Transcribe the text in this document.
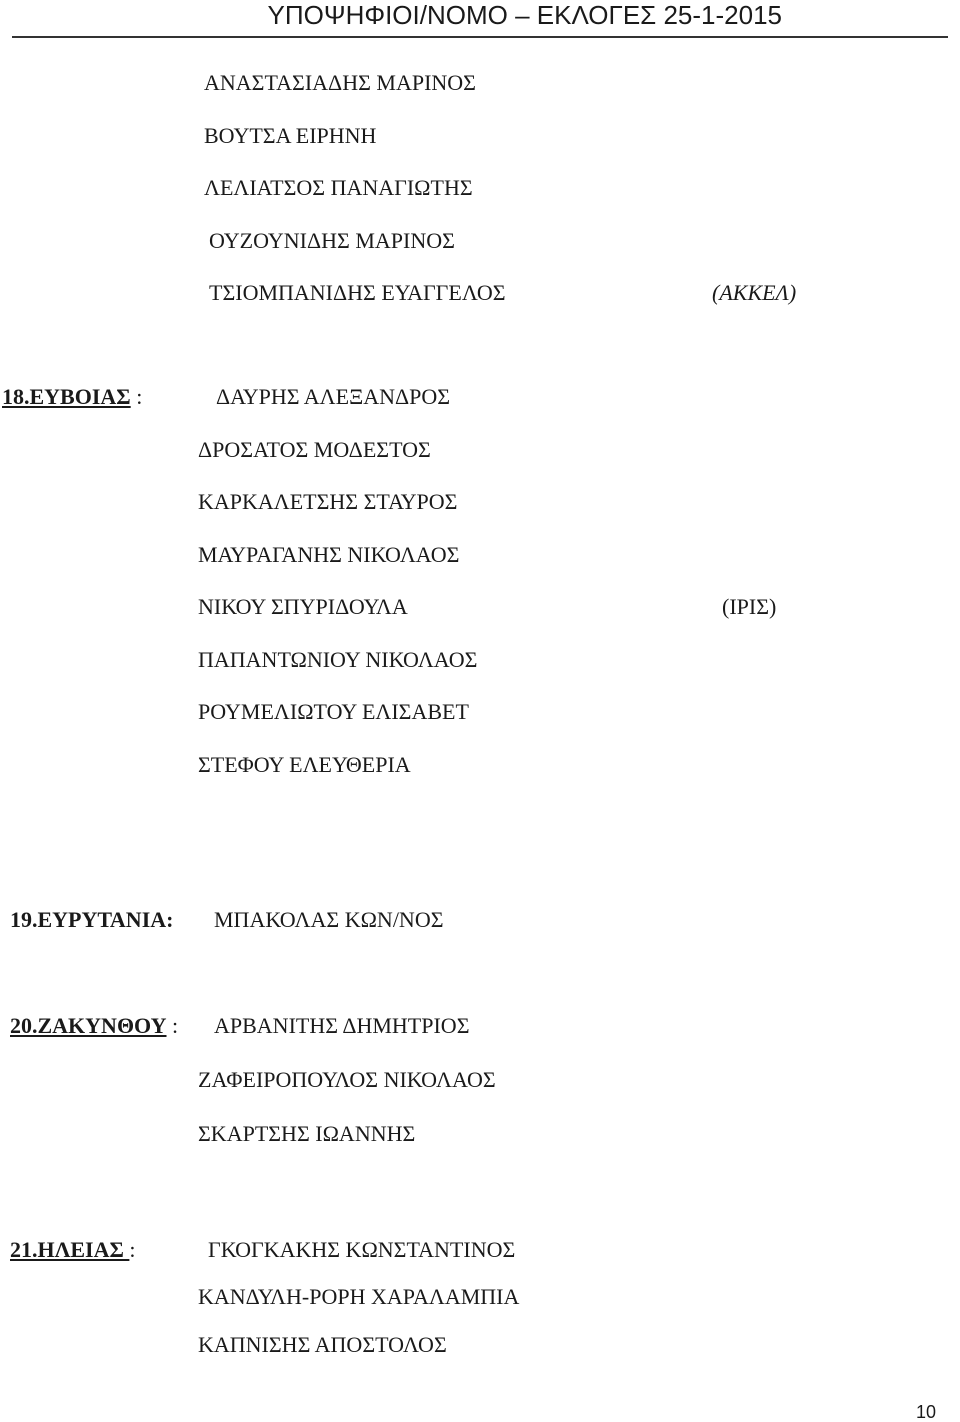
ΥΠΟΨΗΦΙΟΙ/ΝΟΜΟ – ΕΚΛΟΓΕΣ 25-1-2015

ΑΝΑΣΤΑΣΙΑΔΗΣ ΜΑΡΙΝΟΣ

ΒΟΥΤΣΑ ΕΙΡΗΝΗ

ΛΕΛΙΑΤΣΟΣ ΠΑΝΑΓΙΩΤΗΣ

ΟΥΖΟΥΝΙΔΗΣ ΜΑΡΙΝΟΣ

ΤΣΙΟΜΠΑΝΙΔΗΣ ΕΥΑΓΓΕΛΟΣ	(ΑΚΚΕΛ)

18.ΕΥΒΟΙΑΣ :	ΔΑΥΡΗΣ ΑΛΕΞΑΝΔΡΟΣ

ΔΡΟΣΑΤΟΣ ΜΟΔΕΣΤΟΣ

ΚΑΡΚΑΛΕΤΣΗΣ ΣΤΑΥΡΟΣ

ΜΑΥΡΑΓΑΝΗΣ ΝΙΚΟΛΑΟΣ

ΝΙΚΟΥ ΣΠΥΡΙΔΟΥΛΑ	(ΙΡΙΣ)

ΠΑΠΑΝΤΩΝΙΟΥ ΝΙΚΟΛΑΟΣ

ΡΟΥΜΕΛΙΩΤΟΥ ΕΛΙΣΑΒΕΤ

ΣΤΕΦΟΥ ΕΛΕΥΘΕΡΙΑ

19.ΕΥΡΥΤΑΝΙΑ: ΜΠΑΚΟΛΑΣ ΚΩΝ/ΝΟΣ

20.ΖΑΚΥΝΘΟΥ : ΑΡΒΑΝΙΤΗΣ ΔΗΜΗΤΡΙΟΣ

ΖΑΦΕΙΡΟΠΟΥΛΟΣ ΝΙΚΟΛΑΟΣ

ΣΚΑΡΤΣΗΣ ΙΩΑΝΝΗΣ

21.ΗΛΕΙΑΣ :	ΓΚΟΓΚΑΚΗΣ ΚΩΝΣΤΑΝΤΙΝΟΣ

ΚΑΝΔΥΛΗ-ΡΟΡΗ ΧΑΡΑΛΑΜΠΙΑ

ΚΑΠΝΙΣΗΣ ΑΠΟΣΤΟΛΟΣ

10
